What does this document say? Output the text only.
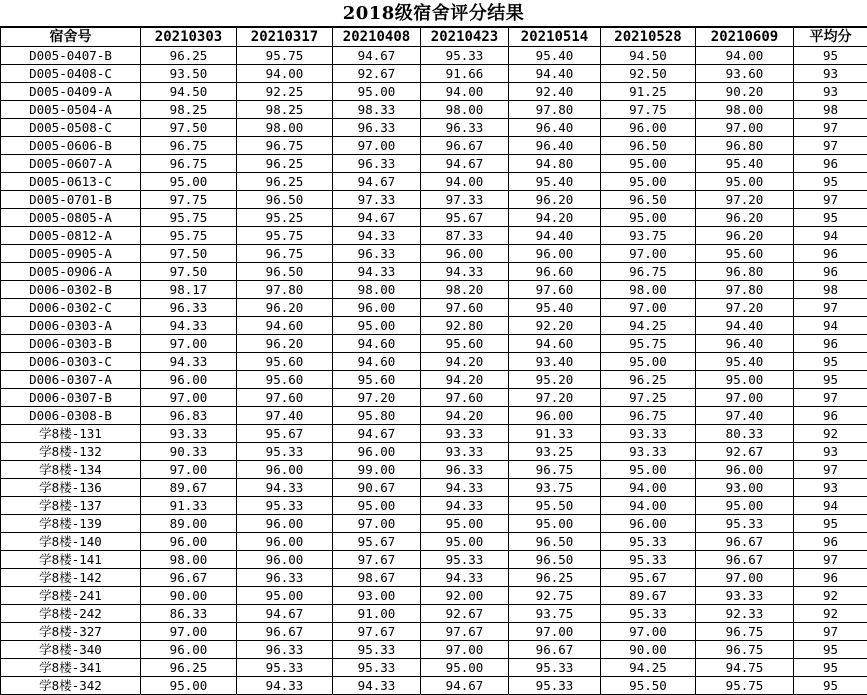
2018级宿舍评分结果
宿舍号	20210303	20210317	20210408	20210423	20210514	20210528	20210609	平均分
D005-0407-B	96.25	95.75	94.67	95.33	95.40	94.50	94.00	95
D005-0408-C	93.50	94.00	92.67	91.66	94.40	92.50	93.60	93
D005-0409-A	94.50	92.25	95.00	94.00	92.40	91.25	90.20	93
D005-0504-A	98.25	98.25	98.33	98.00	97.80	97.75	98.00	98
D005-0508-C	97.50	98.00	96.33	96.33	96.40	96.00	97.00	97
D005-0606-B	96.75	96.75	97.00	96.67	96.40	96.50	96.80	97
D005-0607-A	96.75	96.25	96.33	94.67	94.80	95.00	95.40	96
D005-0613-C	95.00	96.25	94.67	94.00	95.40	95.00	95.00	95
D005-0701-B	97.75	96.50	97.33	97.33	96.20	96.50	97.20	97
D005-0805-A	95.75	95.25	94.67	95.67	94.20	95.00	96.20	95
D005-0812-A	95.75	95.75	94.33	87.33	94.40	93.75	96.20	94
D005-0905-A	97.50	96.75	96.33	96.00	96.00	97.00	95.60	96
D005-0906-A	97.50	96.50	94.33	94.33	96.60	96.75	96.80	96
D006-0302-B	98.17	97.80	98.00	98.20	97.60	98.00	97.80	98
D006-0302-C	96.33	96.20	96.00	97.60	95.40	97.00	97.20	97
D006-0303-A	94.33	94.60	95.00	92.80	92.20	94.25	94.40	94
D006-0303-B	97.00	96.20	94.60	95.60	94.60	95.75	96.40	96
D006-0303-C	94.33	95.60	94.60	94.20	93.40	95.00	95.40	95
D006-0307-A	96.00	95.60	95.60	94.20	95.20	96.25	95.00	95
D006-0307-B	97.00	97.60	97.20	97.60	97.20	97.25	97.00	97
D006-0308-B	96.83	97.40	95.80	94.20	96.00	96.75	97.40	96
学8楼-131	93.33	95.67	94.67	93.33	91.33	93.33	80.33	92
学8楼-132	90.33	95.33	96.00	93.33	93.25	93.33	92.67	93
学8楼-134	97.00	96.00	99.00	96.33	96.75	95.00	96.00	97
学8楼-136	89.67	94.33	90.67	94.33	93.75	94.00	93.00	93
学8楼-137	91.33	95.33	95.00	94.33	95.50	94.00	95.00	94
学8楼-139	89.00	96.00	97.00	95.00	95.00	96.00	95.33	95
学8楼-140	96.00	96.00	95.67	95.00	96.50	95.33	96.67	96
学8楼-141	98.00	96.00	97.67	95.33	96.50	95.33	96.67	97
学8楼-142	96.67	96.33	98.67	94.33	96.25	95.67	97.00	96
学8楼-241	90.00	95.00	93.00	92.00	92.75	89.67	93.33	92
学8楼-242	86.33	94.67	91.00	92.67	93.75	95.33	92.33	92
学8楼-327	97.00	96.67	97.67	97.67	97.00	97.00	96.75	97
学8楼-340	96.00	96.33	95.33	97.00	96.67	90.00	96.75	95
学8楼-341	96.25	95.33	95.33	95.00	95.33	94.25	94.75	95
学8楼-342	95.00	94.33	94.33	94.67	95.33	95.50	95.75	95
